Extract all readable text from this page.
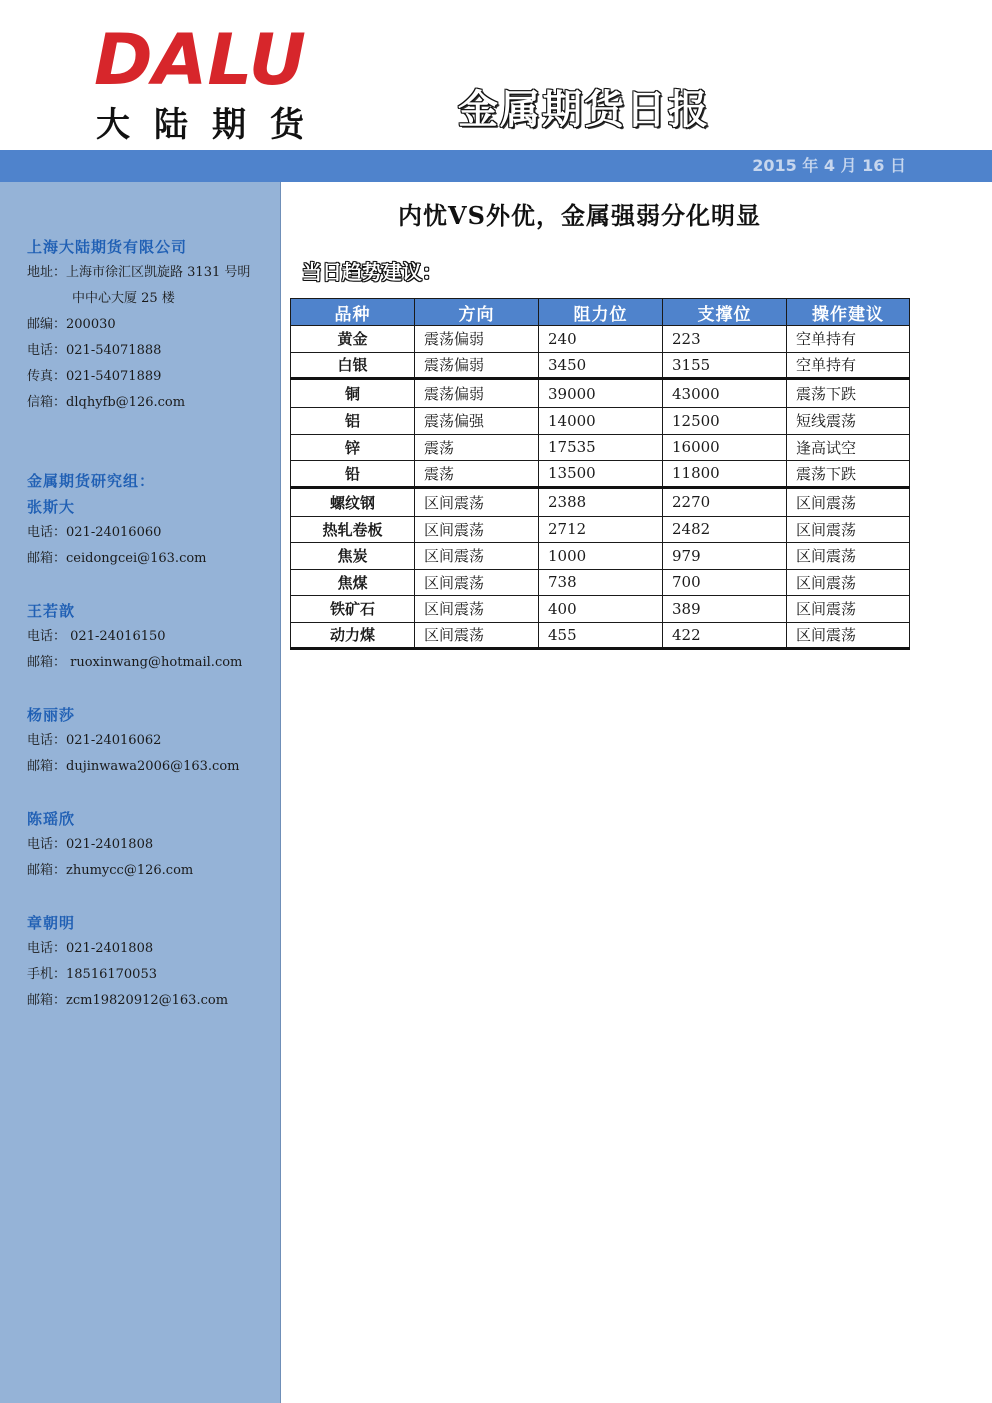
DALU
大陆期货	金属期货日报
2015 年 4 月 16 日
上海大陆期货有限公司
地址：上海市徐汇区凯旋路 3131 号明
中中心大厦 25 楼
邮编：200030
电话：021-54071888
传真：021-54071889
信箱：dlqhyfb@126.com
金属期货研究组：
张斯大
电话：021-24016060
邮箱：ceidongcei@163.com
王若歆
电话： 021-24016150
邮箱： ruoxinwang@hotmail.com
杨丽莎
电话：021-24016062
邮箱：dujinwawa2006@163.com
陈瑶欣
电话：021-2401808
邮箱：zhumycc@126.com
章朝明
电话：021-2401808
手机：18516170053
邮箱：zcm19820912@163.com
内忧VS外优，金属强弱分化明显
当日趋势建议：
品种	方向	阻力位	支撑位	操作建议
黄金	震荡偏弱	240	223	空单持有
白银	震荡偏弱	3450	3155	空单持有
铜	震荡偏弱	39000	43000	震荡下跌
铝	震荡偏强	14000	12500	短线震荡
锌	震荡	17535	16000	逢高试空
铅	震荡	13500	11800	震荡下跌
螺纹钢	区间震荡	2388	2270	区间震荡
热轧卷板	区间震荡	2712	2482	区间震荡
焦炭	区间震荡	1000	979	区间震荡
焦煤	区间震荡	738	700	区间震荡
铁矿石	区间震荡	400	389	区间震荡
动力煤	区间震荡	455	422	区间震荡
